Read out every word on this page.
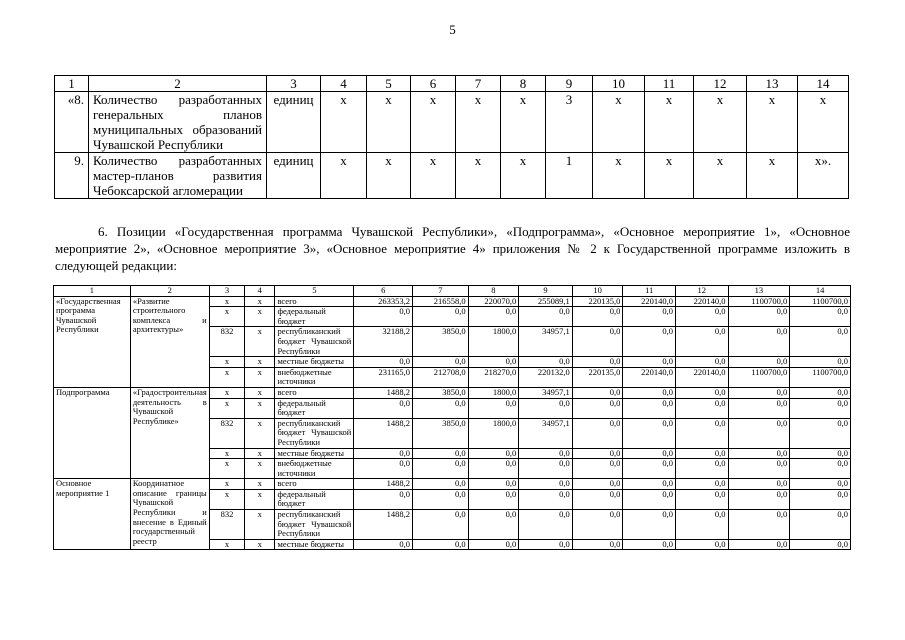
5
1	2	3	4	5	6	7	8	9	10	11	12	13	14
«8.	Количество разработанных генеральных планов муниципальных образований Чувашской Республики	единиц	х	х	х	х	х	3	х	х	х	х	х
9.	Количество разработанных мастер-планов развития Чебоксарской агломерации	единиц	х	х	х	х	х	1	х	х	х	х	х».

6. Позиции «Государственная программа Чувашской Республики», «Подпрограмма», «Основное мероприятие 1», «Основное мероприятие 2», «Основное мероприятие 3», «Основное мероприятие 4» приложения № 2 к Государственной программе изложить в следующей редакции:

1	2	3	4	5	6	7	8	9	10	11	12	13	14
«Государственная программа Чувашской Республики	«Развитие строительного комплекса и архитектуры»	х	х	всего	263353,2	216558,0	220070,0	255089,1	220135,0	220140,0	220140,0	1100700,0	1100700,0
		х	х	федеральный бюджет	0,0	0,0	0,0	0,0	0,0	0,0	0,0	0,0	0,0
		832	х	республиканский бюджет Чувашской Республики	32188,2	3850,0	1800,0	34957,1	0,0	0,0	0,0	0,0	0,0
		х	х	местные бюджеты	0,0	0,0	0,0	0,0	0,0	0,0	0,0	0,0	0,0
		х	х	внебюджетные источники	231165,0	212708,0	218270,0	220132,0	220135,0	220140,0	220140,0	1100700,0	1100700,0
Подпрограмма	«Градостроительная деятельность в Чувашской Республике»	х	х	всего	1488,2	3850,0	1800,0	34957,1	0,0	0,0	0,0	0,0	0,0
		х	х	федеральный бюджет	0,0	0,0	0,0	0,0	0,0	0,0	0,0	0,0	0,0
		832	х	республиканский бюджет Чувашской Республики	1488,2	3850,0	1800,0	34957,1	0,0	0,0	0,0	0,0	0,0
		х	х	местные бюджеты	0,0	0,0	0,0	0,0	0,0	0,0	0,0	0,0	0,0
		х	х	внебюджетные источники	0,0	0,0	0,0	0,0	0,0	0,0	0,0	0,0	0,0
Основное мероприятие 1	Координатное описание границы Чувашской Республики и внесение в Единый государственный реестр	х	х	всего	1488,2	0,0	0,0	0,0	0,0	0,0	0,0	0,0	0,0
		х	х	федеральный бюджет	0,0	0,0	0,0	0,0	0,0	0,0	0,0	0,0	0,0
		832	х	республиканский бюджет Чувашской Республики	1488,2	0,0	0,0	0,0	0,0	0,0	0,0	0,0	0,0
		х	х	местные бюджеты	0,0	0,0	0,0	0,0	0,0	0,0	0,0	0,0	0,0
